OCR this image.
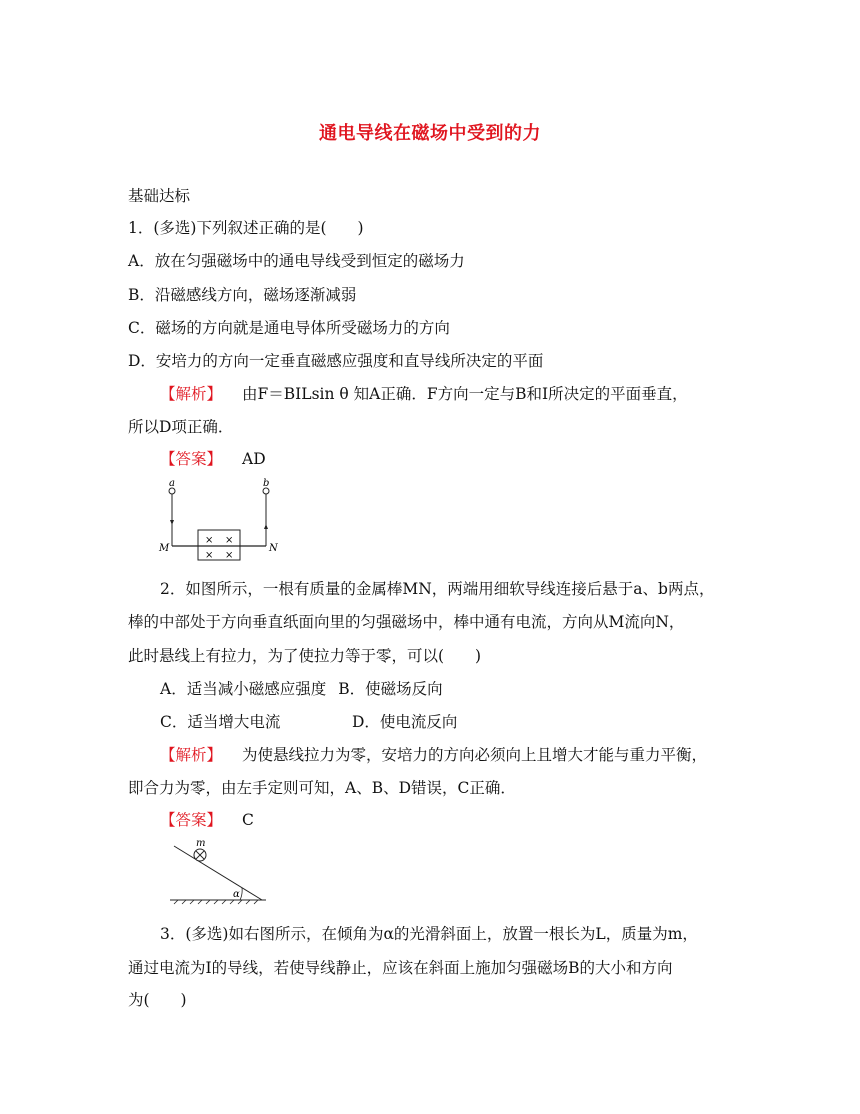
通电导线在磁场中受到的力
基础达标
1．(多选)下列叙述正确的是(　　)
A．放在匀强磁场中的通电导线受到恒定的磁场力
B．沿磁感线方向，磁场逐渐减弱
C．磁场的方向就是通电导体所受磁场力的方向
D．安培力的方向一定垂直磁感应强度和直导线所决定的平面
【解析】 由F＝BILsin θ 知A正确．F方向一定与B和I所决定的平面垂直，
所以D项正确．
【答案】 AD
× ×
× ×
a	b
M	N
2．如图所示，一根有质量的金属棒MN，两端用细软导线连接后悬于a、b两点，
棒的中部处于方向垂直纸面向里的匀强磁场中，棒中通有电流，方向从M流向N，
此时悬线上有拉力，为了使拉力等于零，可以(　　)
A．适当减小磁感应强度 B．使磁场反向
C．适当增大电流	D．使电流反向
【解析】 为使悬线拉力为零，安培力的方向必须向上且增大才能与重力平衡，
即合力为零，由左手定则可知，A、B、D错误，C正确．
【答案】 C
m
α
3．(多选)如右图所示，在倾角为α的光滑斜面上，放置一根长为L，质量为m，
通过电流为I的导线，若使导线静止，应该在斜面上施加匀强磁场B的大小和方向
为(　　)
